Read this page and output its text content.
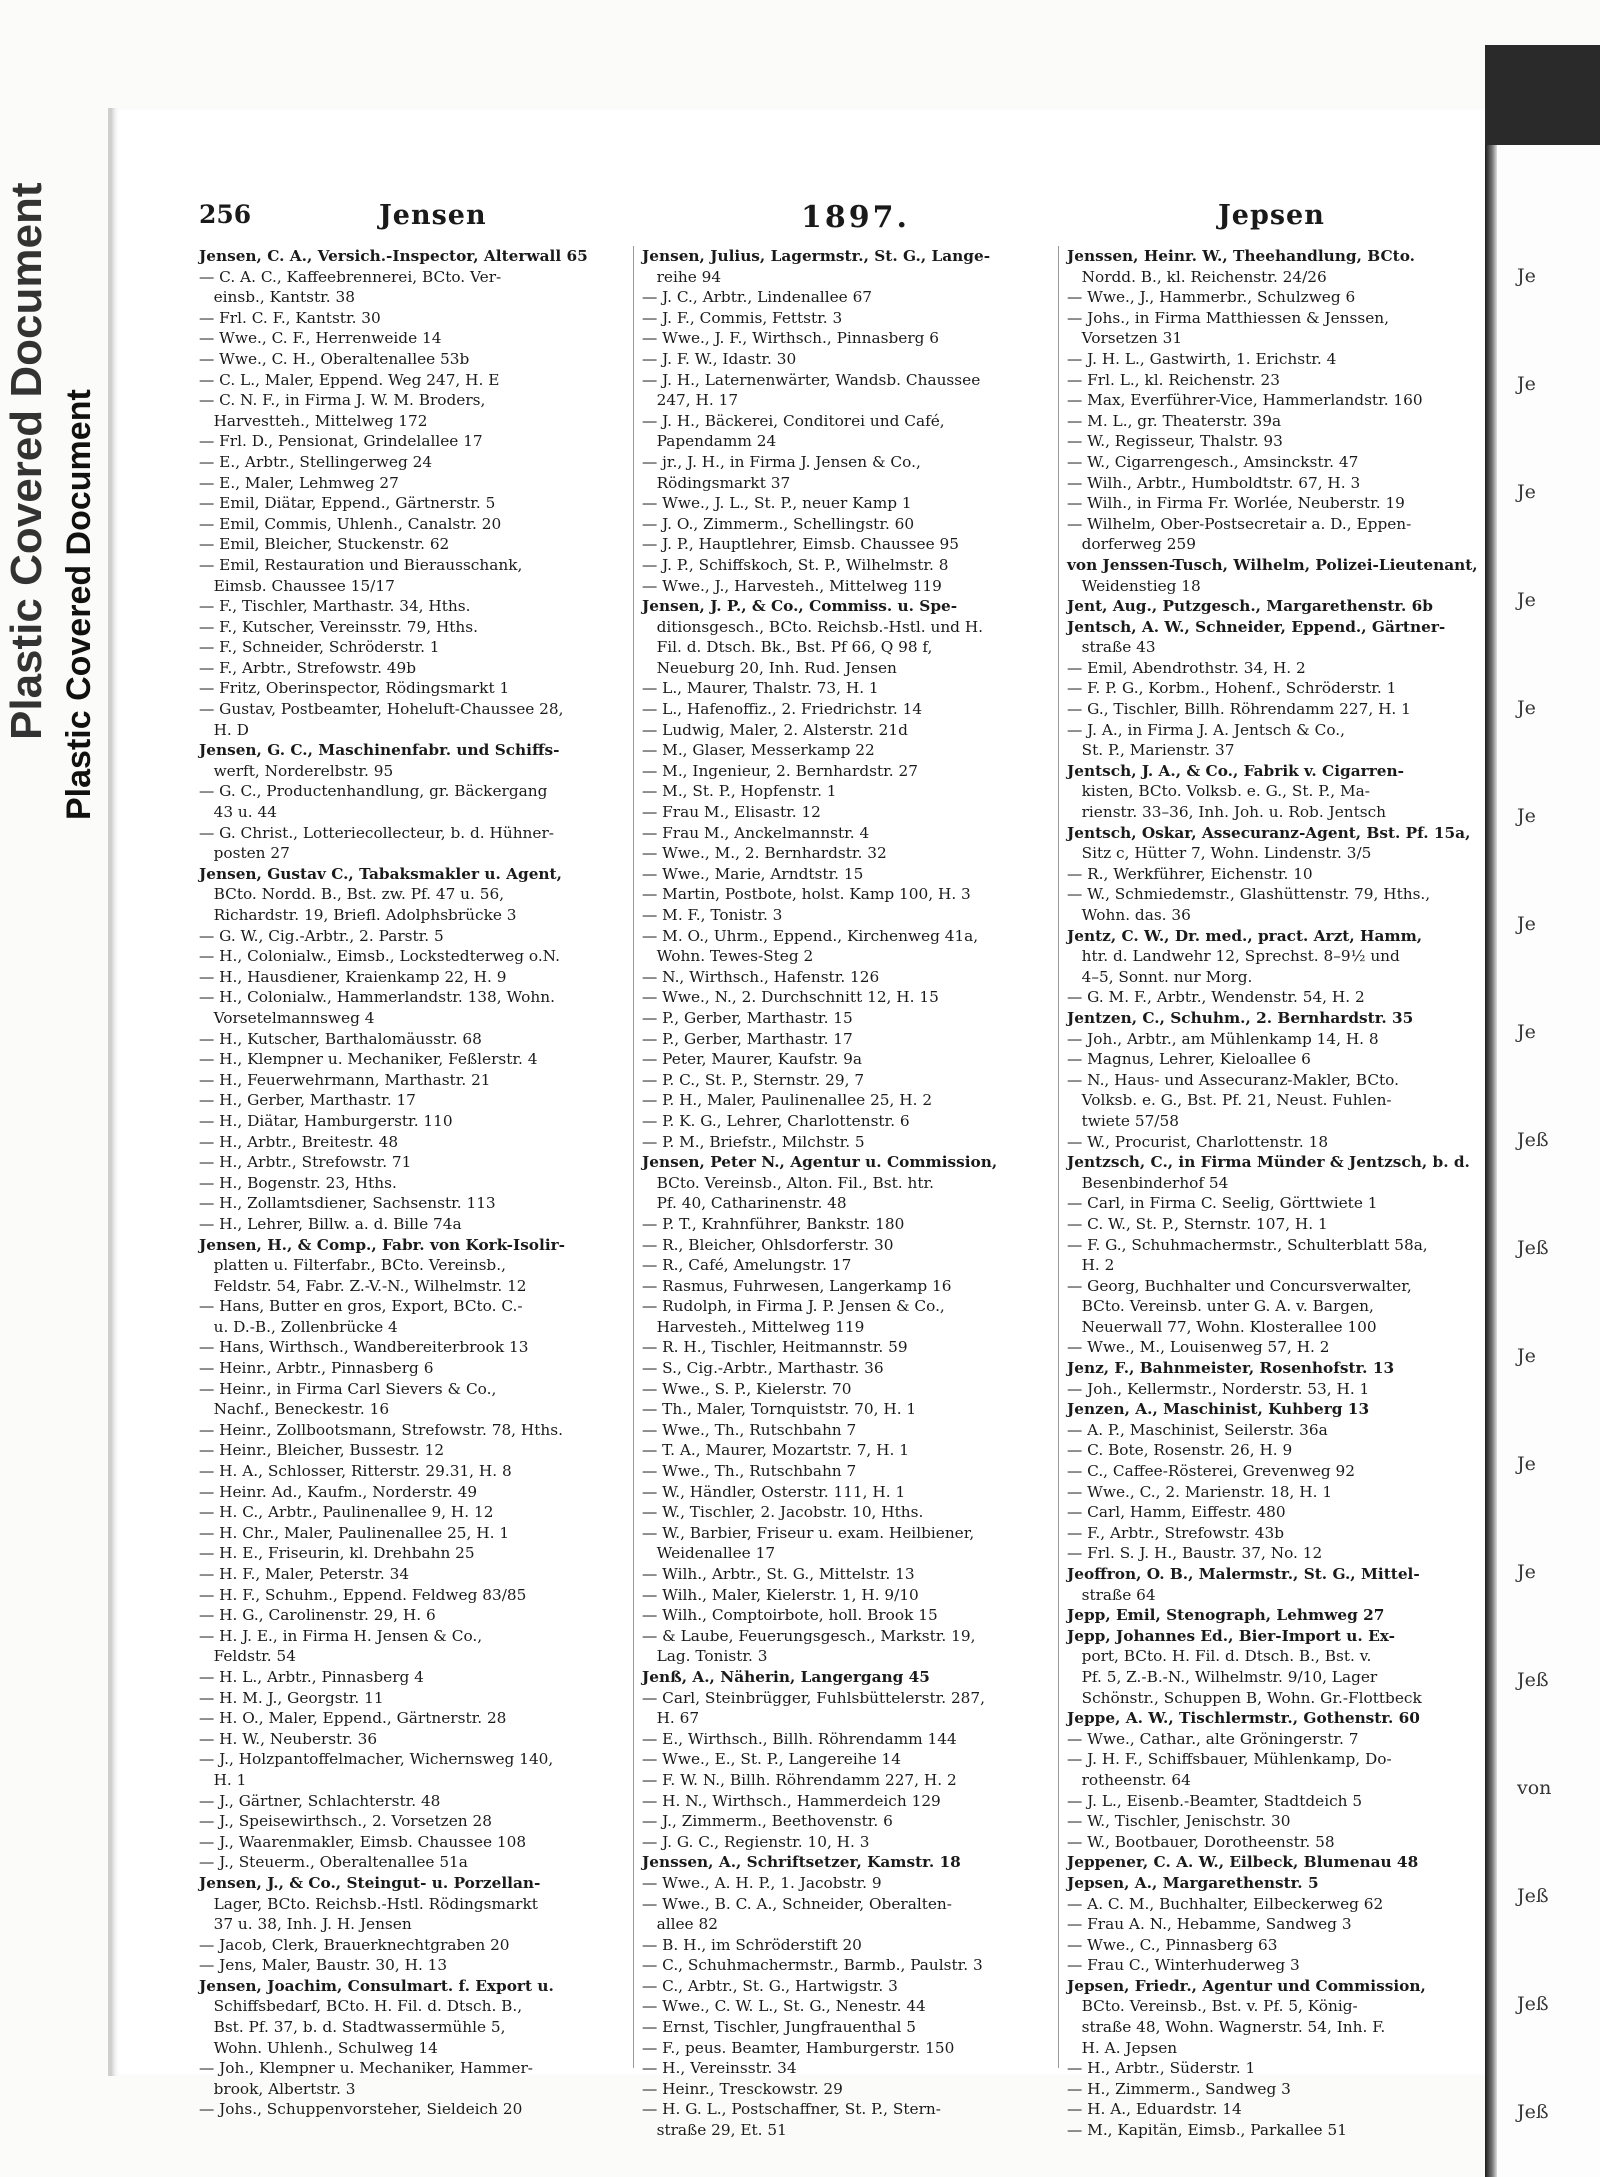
Plastic Covered Document Plastic Covered Document
256	Jensen	1897.	Jepsen
Jensen, C. A., Versich.-Inspector, Alterwall 65
— C. A. C., Kaffeebrennerei, BCto. Ver-
einsb., Kantstr. 38
— Frl. C. F., Kantstr. 30
— Wwe., C. F., Herrenweide 14
— Wwe., C. H., Oberaltenallee 53b
— C. L., Maler, Eppend. Weg 247, H. E
— C. N. F., in Firma J. W. M. Broders,
Harvestteh., Mittelweg 172
— Frl. D., Pensionat, Grindelallee 17
— E., Arbtr., Stellingerweg 24
— E., Maler, Lehmweg 27
— Emil, Diätar, Eppend., Gärtnerstr. 5
— Emil, Commis, Uhlenh., Canalstr. 20
— Emil, Bleicher, Stuckenstr. 62
— Emil, Restauration und Bierausschank,
Eimsb. Chaussee 15/17
— F., Tischler, Marthastr. 34, Hths.
— F., Kutscher, Vereinsstr. 79, Hths.
— F., Schneider, Schröderstr. 1
— F., Arbtr., Strefowstr. 49b
— Fritz, Oberinspector, Rödingsmarkt 1
— Gustav, Postbeamter, Hoheluft-Chaussee 28,
H. D
Jensen, G. C., Maschinenfabr. und Schiffs-
werft, Norderelbstr. 95
— G. C., Productenhandlung, gr. Bäckergang
43 u. 44
— G. Christ., Lotteriecollecteur, b. d. Hühner-
posten 27
Jensen, Gustav C., Tabaksmakler u. Agent,
BCto. Nordd. B., Bst. zw. Pf. 47 u. 56,
Richardstr. 19, Briefl. Adolphsbrücke 3
— G. W., Cig.-Arbtr., 2. Parstr. 5
— H., Colonialw., Eimsb., Lockstedterweg o.N.
— H., Hausdiener, Kraienkamp 22, H. 9
— H., Colonialw., Hammerlandstr. 138, Wohn.
Vorsetelmannsweg 4
— H., Kutscher, Barthalomäusstr. 68
— H., Klempner u. Mechaniker, Feßlerstr. 4
— H., Feuerwehrmann, Marthastr. 21
— H., Gerber, Marthastr. 17
— H., Diätar, Hamburgerstr. 110
— H., Arbtr., Breitestr. 48
— H., Arbtr., Strefowstr. 71
— H., Bogenstr. 23, Hths.
— H., Zollamtsdiener, Sachsenstr. 113
— H., Lehrer, Billw. a. d. Bille 74a
Jensen, H., & Comp., Fabr. von Kork-Isolir-
platten u. Filterfabr., BCto. Vereinsb.,
Feldstr. 54, Fabr. Z.-V.-N., Wilhelmstr. 12
— Hans, Butter en gros, Export, BCto. C.-
u. D.-B., Zollenbrücke 4
— Hans, Wirthsch., Wandbereiterbrook 13
— Heinr., Arbtr., Pinnasberg 6
— Heinr., in Firma Carl Sievers & Co.,
Nachf., Beneckestr. 16
— Heinr., Zollbootsmann, Strefowstr. 78, Hths.
— Heinr., Bleicher, Bussestr. 12
— H. A., Schlosser, Ritterstr. 29.31, H. 8
— Heinr. Ad., Kaufm., Norderstr. 49
— H. C., Arbtr., Paulinenallee 9, H. 12
— H. Chr., Maler, Paulinenallee 25, H. 1
— H. E., Friseurin, kl. Drehbahn 25
— H. F., Maler, Peterstr. 34
— H. F., Schuhm., Eppend. Feldweg 83/85
— H. G., Carolinenstr. 29, H. 6
— H. J. E., in Firma H. Jensen & Co.,
Feldstr. 54
— H. L., Arbtr., Pinnasberg 4
— H. M. J., Georgstr. 11
— H. O., Maler, Eppend., Gärtnerstr. 28
— H. W., Neuberstr. 36
— J., Holzpantoffelmacher, Wichernsweg 140,
H. 1
— J., Gärtner, Schlachterstr. 48
— J., Speisewirthsch., 2. Vorsetzen 28
— J., Waarenmakler, Eimsb. Chaussee 108
— J., Steuerm., Oberaltenallee 51a
Jensen, J., & Co., Steingut- u. Porzellan-
Lager, BCto. Reichsb.-Hstl. Rödingsmarkt
37 u. 38, Inh. J. H. Jensen
— Jacob, Clerk, Brauerknechtgraben 20
— Jens, Maler, Baustr. 30, H. 13
Jensen, Joachim, Consulmart. f. Export u.
Schiffsbedarf, BCto. H. Fil. d. Dtsch. B.,
Bst. Pf. 37, b. d. Stadtwassermühle 5,
Wohn. Uhlenh., Schulweg 14
— Joh., Klempner u. Mechaniker, Hammer-
brook, Albertstr. 3
— Johs., Schuppenvorsteher, Sieldeich 20
Jensen, Julius, Lagermstr., St. G., Lange-
reihe 94
— J. C., Arbtr., Lindenallee 67
— J. F., Commis, Fettstr. 3
— Wwe., J. F., Wirthsch., Pinnasberg 6
— J. F. W., Idastr. 30
— J. H., Laternenwärter, Wandsb. Chaussee
247, H. 17
— J. H., Bäckerei, Conditorei und Café,
Papendamm 24
— jr., J. H., in Firma J. Jensen & Co.,
Rödingsmarkt 37
— Wwe., J. L., St. P., neuer Kamp 1
— J. O., Zimmerm., Schellingstr. 60
— J. P., Hauptlehrer, Eimsb. Chaussee 95
— J. P., Schiffskoch, St. P., Wilhelmstr. 8
— Wwe., J., Harvesteh., Mittelweg 119
Jensen, J. P., & Co., Commiss. u. Spe-
ditionsgesch., BCto. Reichsb.-Hstl. und H.
Fil. d. Dtsch. Bk., Bst. Pf 66, Q 98 f,
Neueburg 20, Inh. Rud. Jensen
— L., Maurer, Thalstr. 73, H. 1
— L., Hafenoffiz., 2. Friedrichstr. 14
— Ludwig, Maler, 2. Alsterstr. 21d
— M., Glaser, Messerkamp 22
— M., Ingenieur, 2. Bernhardstr. 27
— M., St. P., Hopfenstr. 1
— Frau M., Elisastr. 12
— Frau M., Anckelmannstr. 4
— Wwe., M., 2. Bernhardstr. 32
— Wwe., Marie, Arndtstr. 15
— Martin, Postbote, holst. Kamp 100, H. 3
— M. F., Tonistr. 3
— M. O., Uhrm., Eppend., Kirchenweg 41a,
Wohn. Tewes-Steg 2
— N., Wirthsch., Hafenstr. 126
— Wwe., N., 2. Durchschnitt 12, H. 15
— P., Gerber, Marthastr. 15
— P., Gerber, Marthastr. 17
— Peter, Maurer, Kaufstr. 9a
— P. C., St. P., Sternstr. 29, 7
— P. H., Maler, Paulinenallee 25, H. 2
— P. K. G., Lehrer, Charlottenstr. 6
— P. M., Briefstr., Milchstr. 5
Jensen, Peter N., Agentur u. Commission,
BCto. Vereinsb., Alton. Fil., Bst. htr.
Pf. 40, Catharinenstr. 48
— P. T., Krahnführer, Bankstr. 180
— R., Bleicher, Ohlsdorferstr. 30
— R., Café, Amelungstr. 17
— Rasmus, Fuhrwesen, Langerkamp 16
— Rudolph, in Firma J. P. Jensen & Co.,
Harvesteh., Mittelweg 119
— R. H., Tischler, Heitmannstr. 59
— S., Cig.-Arbtr., Marthastr. 36
— Wwe., S. P., Kielerstr. 70
— Th., Maler, Tornquiststr. 70, H. 1
— Wwe., Th., Rutschbahn 7
— T. A., Maurer, Mozartstr. 7, H. 1
— Wwe., Th., Rutschbahn 7
— W., Händler, Osterstr. 111, H. 1
— W., Tischler, 2. Jacobstr. 10, Hths.
— W., Barbier, Friseur u. exam. Heilbiener,
Weidenallee 17
— Wilh., Arbtr., St. G., Mittelstr. 13
— Wilh., Maler, Kielerstr. 1, H. 9/10
— Wilh., Comptoirbote, holl. Brook 15
— & Laube, Feuerungsgesch., Markstr. 19,
Lag. Tonistr. 3
Jenß, A., Näherin, Langergang 45
— Carl, Steinbrügger, Fuhlsbüttelerstr. 287,
H. 67
— E., Wirthsch., Billh. Röhrendamm 144
— Wwe., E., St. P., Langereihe 14
— F. W. N., Billh. Röhrendamm 227, H. 2
— H. N., Wirthsch., Hammerdeich 129
— J., Zimmerm., Beethovenstr. 6
— J. G. C., Regienstr. 10, H. 3
Jenssen, A., Schriftsetzer, Kamstr. 18
— Wwe., A. H. P., 1. Jacobstr. 9
— Wwe., B. C. A., Schneider, Oberalten-
allee 82
— B. H., im Schröderstift 20
— C., Schuhmachermstr., Barmb., Paulstr. 3
— C., Arbtr., St. G., Hartwigstr. 3
— Wwe., C. W. L., St. G., Nenestr. 44
— Ernst, Tischler, Jungfrauenthal 5
— F., peus. Beamter, Hamburgerstr. 150
— H., Vereinsstr. 34
— Heinr., Tresckowstr. 29
— H. G. L., Postschaffner, St. P., Stern-
straße 29, Et. 51
Jenssen, Heinr. W., Theehandlung, BCto.
Nordd. B., kl. Reichenstr. 24/26
— Wwe., J., Hammerbr., Schulzweg 6
— Johs., in Firma Matthiessen & Jenssen,
Vorsetzen 31
— J. H. L., Gastwirth, 1. Erichstr. 4
— Frl. L., kl. Reichenstr. 23
— Max, Everführer-Vice, Hammerlandstr. 160
— M. L., gr. Theaterstr. 39a
— W., Regisseur, Thalstr. 93
— W., Cigarrengesch., Amsinckstr. 47
— Wilh., Arbtr., Humboldtstr. 67, H. 3
— Wilh., in Firma Fr. Worlée, Neuberstr. 19
— Wilhelm, Ober-Postsecretair a. D., Eppen-
dorferweg 259
von Jenssen-Tusch, Wilhelm, Polizei-Lieutenant,
Weidenstieg 18
Jent, Aug., Putzgesch., Margarethenstr. 6b
Jentsch, A. W., Schneider, Eppend., Gärtner-
straße 43
— Emil, Abendrothstr. 34, H. 2
— F. P. G., Korbm., Hohenf., Schröderstr. 1
— G., Tischler, Billh. Röhrendamm 227, H. 1
— J. A., in Firma J. A. Jentsch & Co.,
St. P., Marienstr. 37
Jentsch, J. A., & Co., Fabrik v. Cigarren-
kisten, BCto. Volksb. e. G., St. P., Ma-
rienstr. 33–36, Inh. Joh. u. Rob. Jentsch
Jentsch, Oskar, Assecuranz-Agent, Bst. Pf. 15a,
Sitz c, Hütter 7, Wohn. Lindenstr. 3/5
— R., Werkführer, Eichenstr. 10
— W., Schmiedemstr., Glashüttenstr. 79, Hths.,
Wohn. das. 36
Jentz, C. W., Dr. med., pract. Arzt, Hamm,
htr. d. Landwehr 12, Sprechst. 8–9½ und
4–5, Sonnt. nur Morg.
— G. M. F., Arbtr., Wendenstr. 54, H. 2
Jentzen, C., Schuhm., 2. Bernhardstr. 35
— Joh., Arbtr., am Mühlenkamp 14, H. 8
— Magnus, Lehrer, Kieloallee 6
— N., Haus- und Assecuranz-Makler, BCto.
Volksb. e. G., Bst. Pf. 21, Neust. Fuhlen-
twiete 57/58
— W., Procurist, Charlottenstr. 18
Jentzsch, C., in Firma Münder & Jentzsch, b. d.
Besenbinderhof 54
— Carl, in Firma C. Seelig, Görttwiete 1
— C. W., St. P., Sternstr. 107, H. 1
— F. G., Schuhmachermstr., Schulterblatt 58a,
H. 2
— Georg, Buchhalter und Concursverwalter,
BCto. Vereinsb. unter G. A. v. Bargen,
Neuerwall 77, Wohn. Klosterallee 100
— Wwe., M., Louisenweg 57, H. 2
Jenz, F., Bahnmeister, Rosenhofstr. 13
— Joh., Kellermstr., Norderstr. 53, H. 1
Jenzen, A., Maschinist, Kuhberg 13
— A. P., Maschinist, Seilerstr. 36a
— C. Bote, Rosenstr. 26, H. 9
— C., Caffee-Rösterei, Grevenweg 92
— Wwe., C., 2. Marienstr. 18, H. 1
— Carl, Hamm, Eiffestr. 480
— F., Arbtr., Strefowstr. 43b
— Frl. S. J. H., Baustr. 37, No. 12
Jeoffron, O. B., Malermstr., St. G., Mittel-
straße 64
Jepp, Emil, Stenograph, Lehmweg 27
Jepp, Johannes Ed., Bier-Import u. Ex-
port, BCto. H. Fil. d. Dtsch. B., Bst. v.
Pf. 5, Z.-B.-N., Wilhelmstr. 9/10, Lager
Schönstr., Schuppen B, Wohn. Gr.-Flottbeck
Jeppe, A. W., Tischlermstr., Gothenstr. 60
— Wwe., Cathar., alte Gröningerstr. 7
— J. H. F., Schiffsbauer, Mühlenkamp, Do-
rotheenstr. 64
— J. L., Eisenb.-Beamter, Stadtdeich 5
— W., Tischler, Jenischstr. 30
— W., Bootbauer, Dorotheenstr. 58
Jeppener, C. A. W., Eilbeck, Blumenau 48
Jepsen, A., Margarethenstr. 5
— A. C. M., Buchhalter, Eilbeckerweg 62
— Frau A. N., Hebamme, Sandweg 3
— Wwe., C., Pinnasberg 63
— Frau C., Winterhuderweg 3
Jepsen, Friedr., Agentur und Commission,
BCto. Vereinsb., Bst. v. Pf. 5, König-
straße 48, Wohn. Wagnerstr. 54, Inh. F.
H. A. Jepsen
— H., Arbtr., Süderstr. 1
— H., Zimmerm., Sandweg 3
— H. A., Eduardstr. 14
— M., Kapitän, Eimsb., Parkallee 51
Je
Je
Je
Je
Je
Je
Je
Je
Jeß
Jeß
Je
Je
Je
Jeß
von
Jeß
Jeß
Jeß
